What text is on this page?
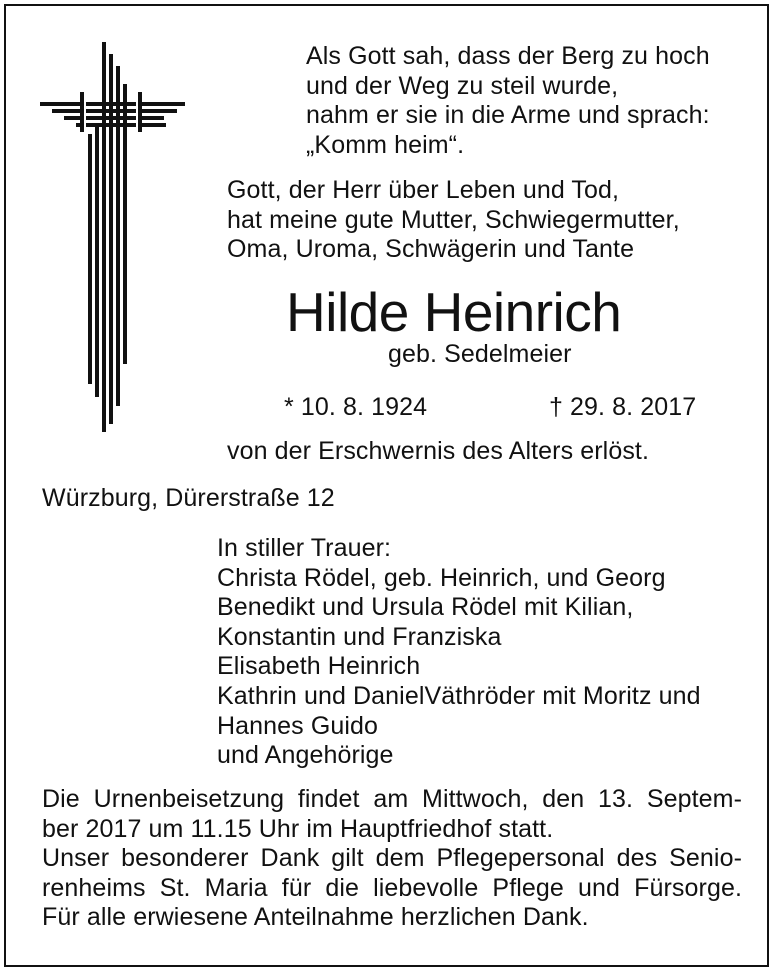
Als Gott sah, dass der Berg zu hoch
und der Weg zu steil wurde,
nahm er sie in die Arme und sprach:
„Komm heim“.
Gott, der Herr über Leben und Tod,
hat meine gute Mutter, Schwiegermutter,
Oma, Uroma, Schwägerin und Tante
Hilde Heinrich
geb. Sedelmeier
* 10. 8. 1924	† 29. 8. 2017
von der Erschwernis des Alters erlöst.
Würzburg, Dürerstraße 12
In stiller Trauer:
Christa Rödel, geb. Heinrich, und Georg
Benedikt und Ursula Rödel mit Kilian,
Konstantin und Franziska
Elisabeth Heinrich
Kathrin und DanielVäthröder mit Moritz und
Hannes Guido
und Angehörige
Die Urnenbeisetzung findet am Mittwoch, den 13. Septem-
ber 2017 um 11.15 Uhr im Hauptfriedhof statt.
Unser besonderer Dank gilt dem Pflegepersonal des Senio-
renheims St. Maria für die liebevolle Pflege und Fürsorge.
Für alle erwiesene Anteilnahme herzlichen Dank.
